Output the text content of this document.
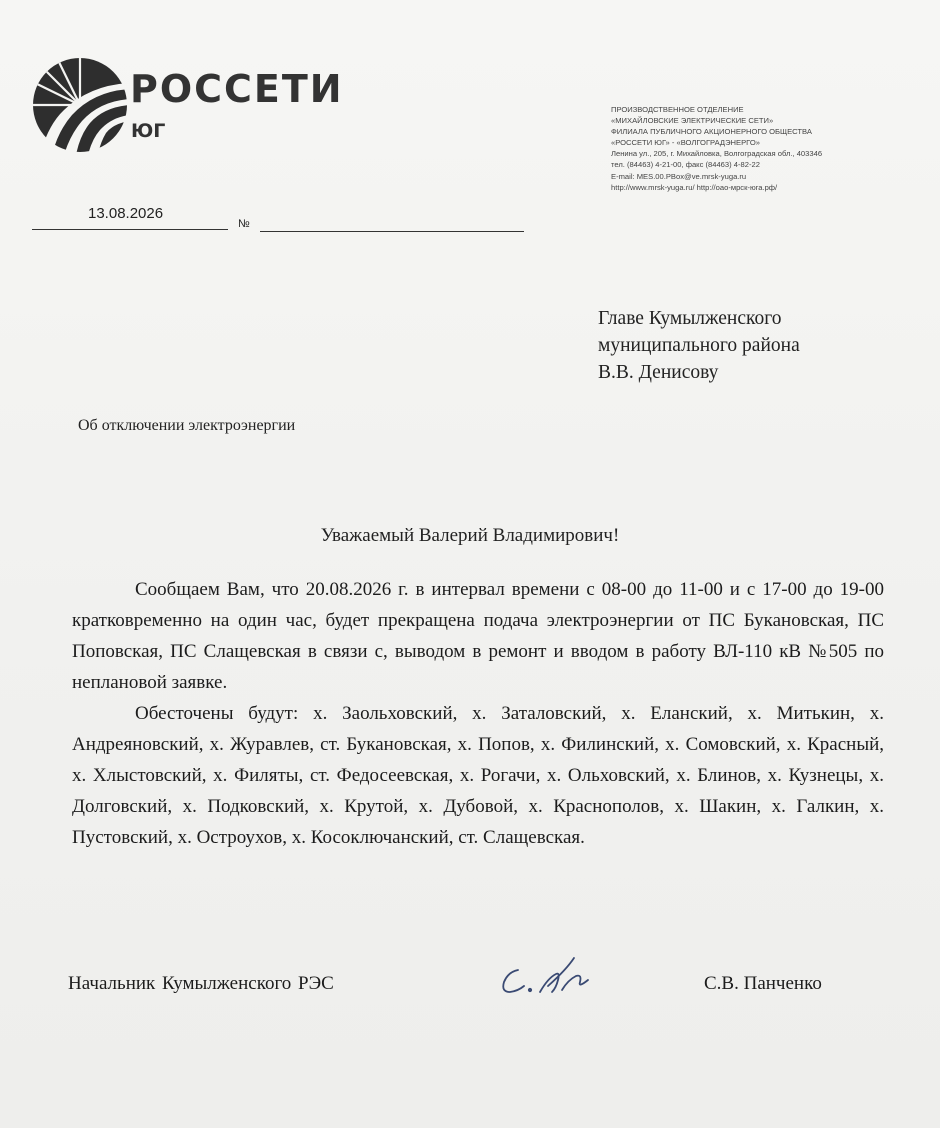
РОССЕТИ
ЮГ
ПРОИЗВОДСТВЕННОЕ ОТДЕЛЕНИЕ
«МИХАЙЛОВСКИЕ ЭЛЕКТРИЧЕСКИЕ СЕТИ»
ФИЛИАЛА ПУБЛИЧНОГО АКЦИОНЕРНОГО ОБЩЕСТВА
«РОССЕТИ ЮГ» - «ВОЛГОГРАДЭНЕРГО»
Ленина ул., 205, г. Михайловка, Волгоградская обл., 403346
тел. (84463) 4-21-00, факс (84463) 4-82-22
E-mail: MES.00.PBox@ve.mrsk-yuga.ru
http://www.mrsk-yuga.ru/ http://оао-мрск-юга.рф/
13.08.2026
№
Главе Кумылженского
муниципального района
В.В. Денисову
Об отключении электроэнергии
Уважаемый Валерий Владимирович!

Сообщаем Вам, что 20.08.2026 г. в интервал времени с 08-00 до 11-00 и с 17-00 до 19-00 кратковременно на один час, будет прекращена подача электроэнергии от ПС Букановская, ПС Поповская, ПС Слащевская в связи с, выводом в ремонт и вводом в работу ВЛ-110 кВ №505 по неплановой заявке.

Обесточены будут: х. Заольховский, х. Заталовский, х. Еланский, х. Митькин, х. Андреяновский, х. Журавлев, ст. Букановская, х. Попов, х. Филинский, х. Сомовский, х. Красный, х. Хлыстовский, х. Филяты, ст. Федосеевская, х. Рогачи, х. Ольховский, х. Блинов, х. Кузнецы, х. Долговский, х. Подковский, х. Крутой, х. Дубовой, х. Краснополов, х. Шакин, х. Галкин, х. Пустовский, х. Остроухов, х. Косоключанский, ст. Слащевская.

Начальник Кумылженского РЭС	С.В. Панченко
